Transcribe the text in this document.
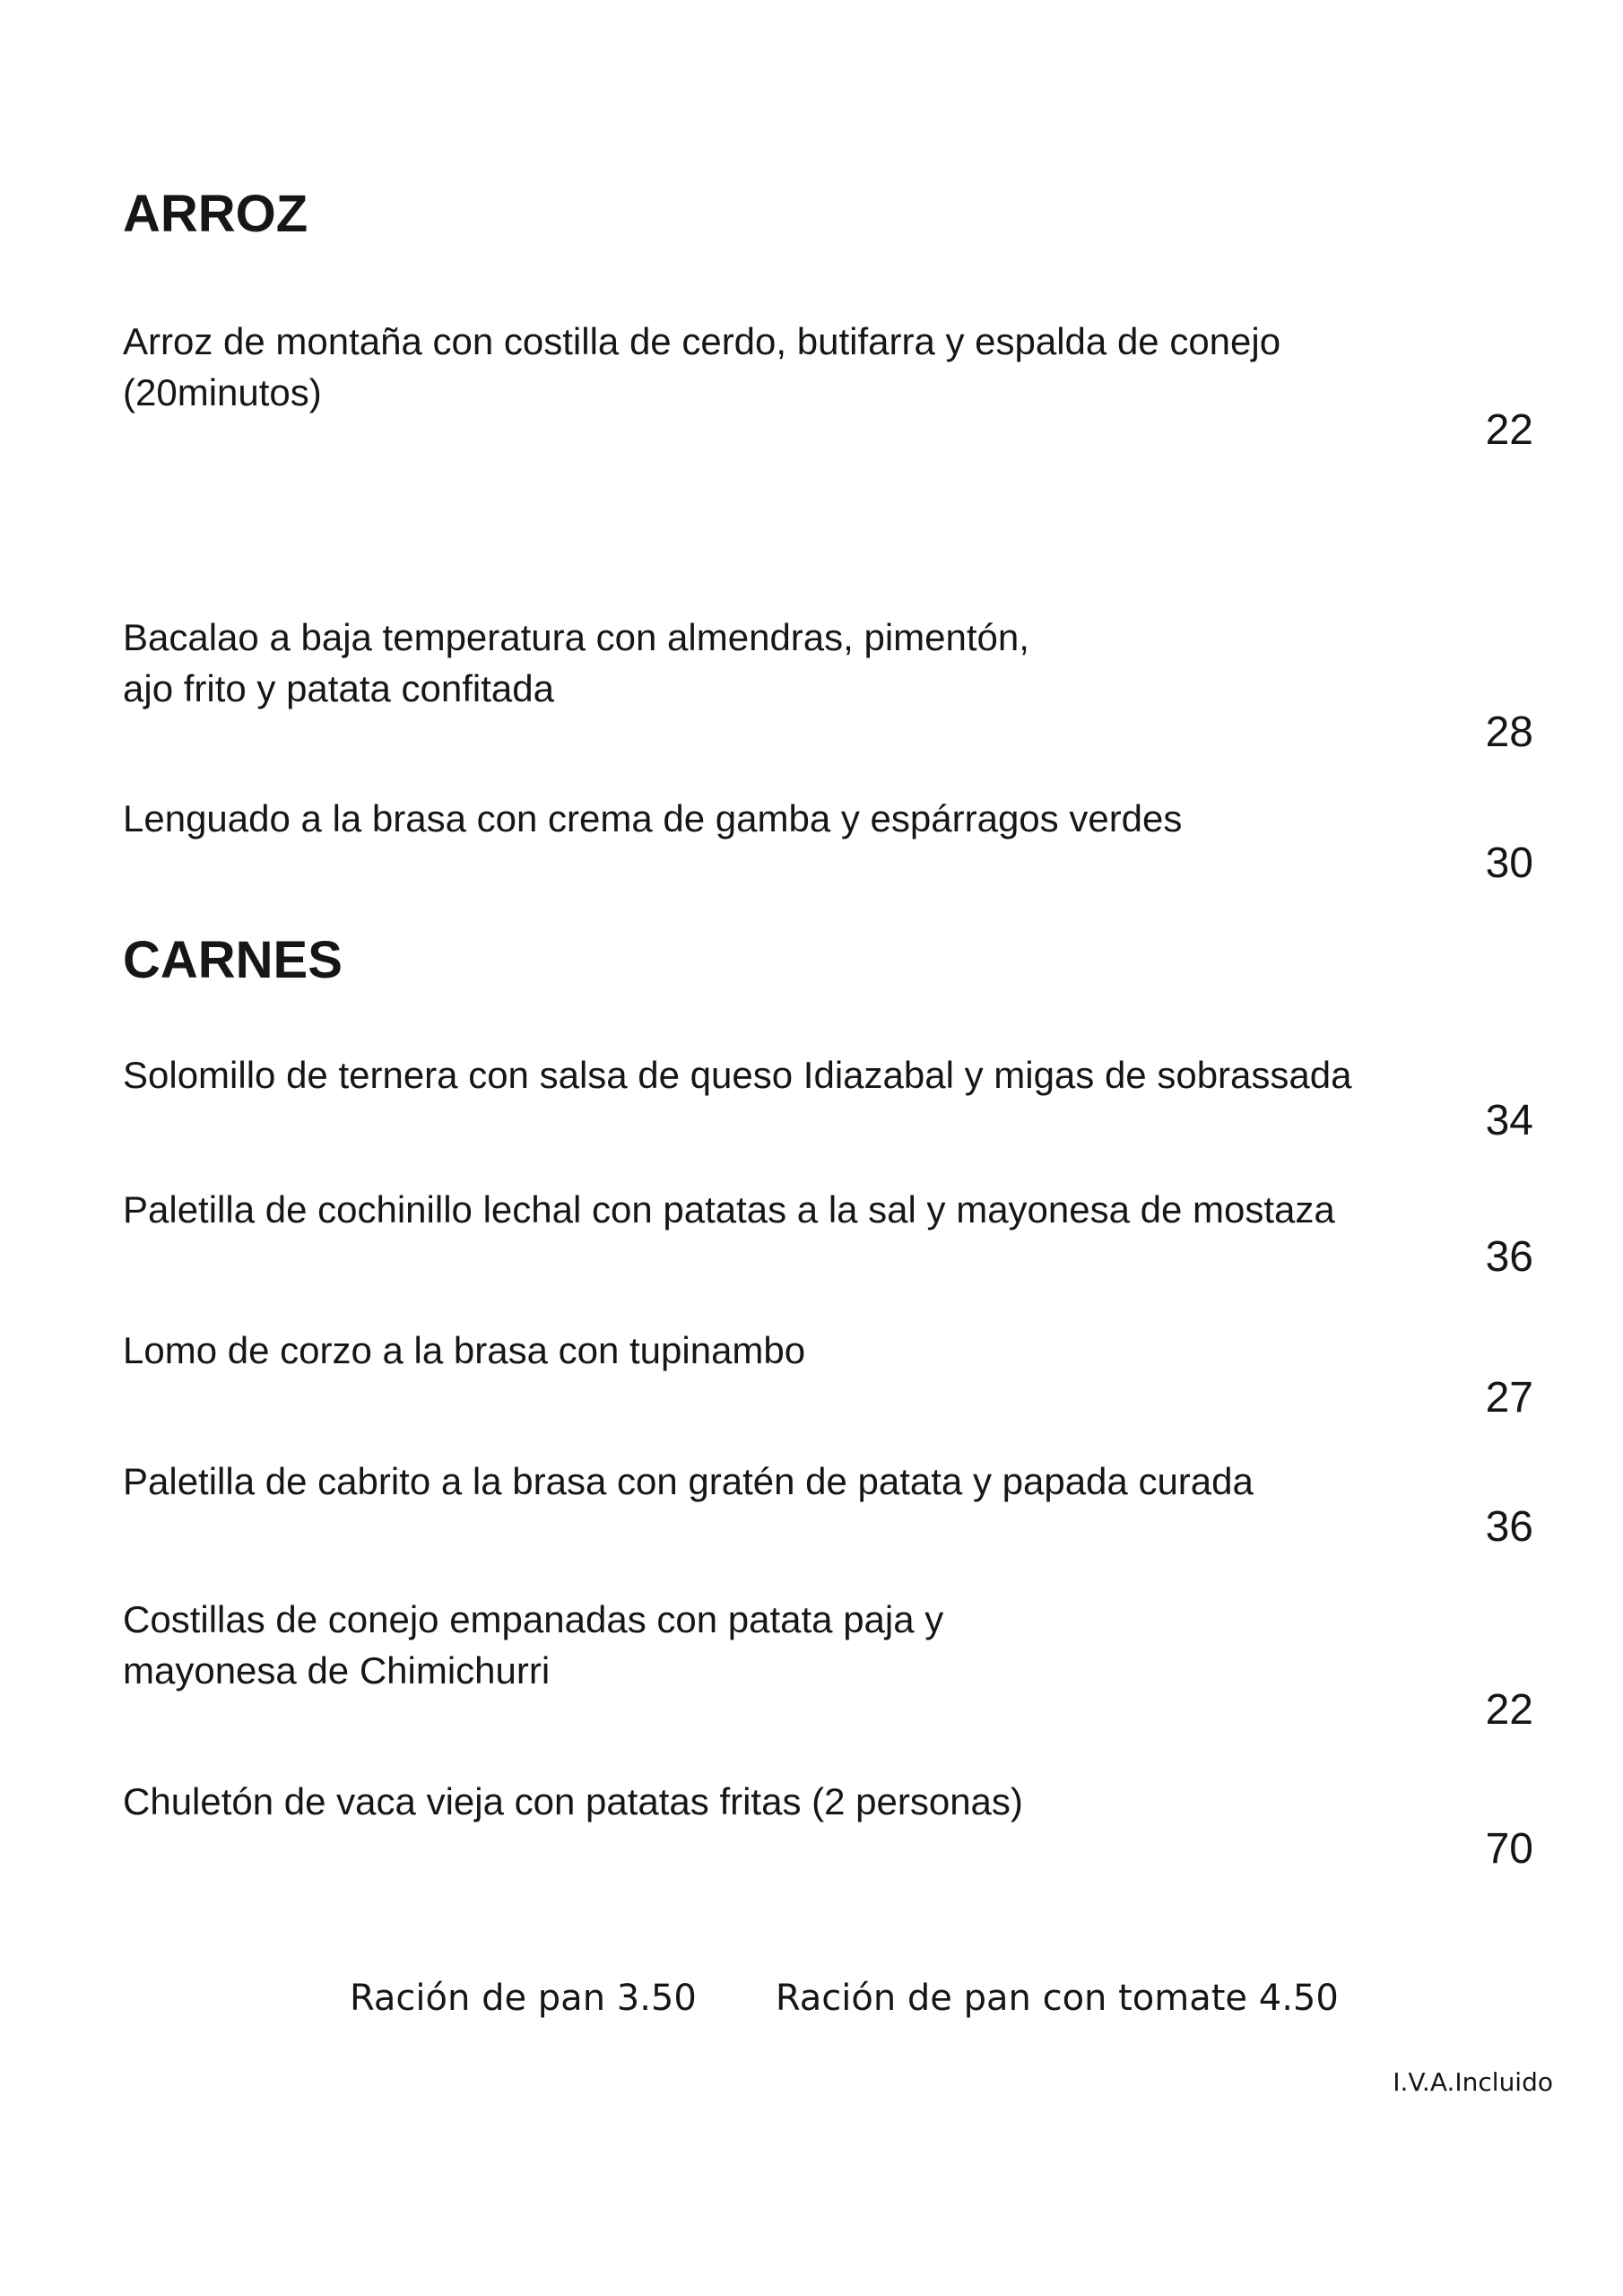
ARROZ
Arroz de montaña con costilla de cerdo, butifarra y espalda de conejo
(20minutos)
22
Bacalao a baja temperatura con almendras, pimentón,
ajo frito y patata confitada
28
Lenguado a la brasa con crema de gamba y espárragos verdes
30
CARNES
Solomillo de ternera con salsa de queso Idiazabal y migas de sobrassada
34
Paletilla de cochinillo lechal con patatas a la sal y mayonesa de mostaza
36
Lomo de corzo a la brasa con tupinambo
27
Paletilla de cabrito a la brasa con gratén de patata y papada curada
36
Costillas de conejo empanadas con patata paja y
mayonesa de Chimichurri
22
Chuletón de vaca vieja con patatas fritas (2 personas)
70
Ración de pan 3.50 Ración de pan con tomate 4.50
I.V.A.Incluido
